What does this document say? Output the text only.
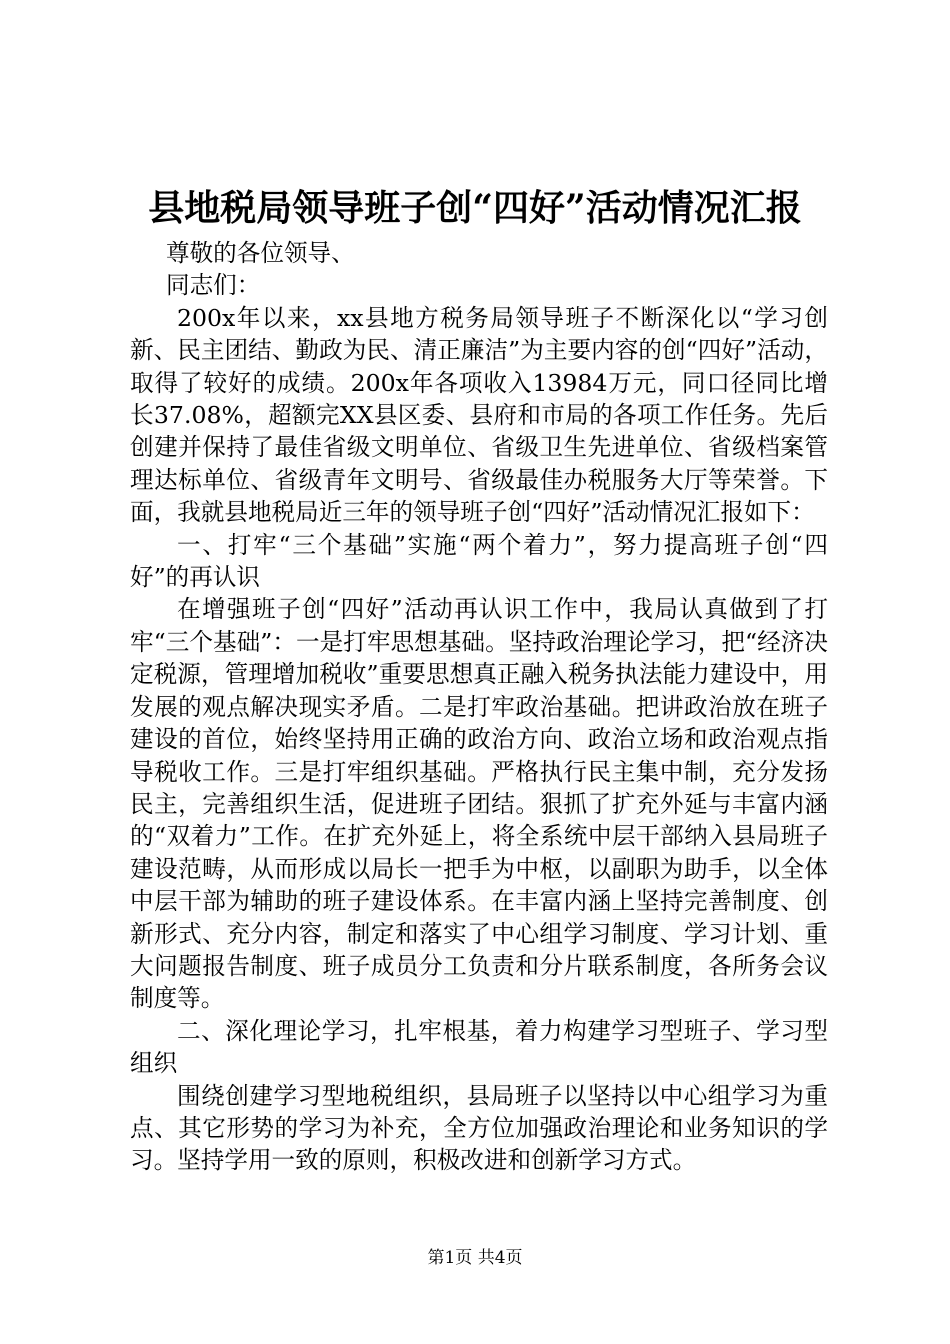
县地税局领导班子创“四好”活动情况汇报

尊敬的各位领导、

同志们：

200x年以来，xx县地方税务局领导班子不断深化以“学习创新、民主团结、勤政为民、清正廉洁”为主要内容的创“四好”活动，取得了较好的成绩。200x年各项收入13984万元，同口径同比增长37.08%，超额完XX县区委、县府和市局的各项工作任务。先后创建并保持了最佳省级文明单位、省级卫生先进单位、省级档案管理达标单位、省级青年文明号、省级最佳办税服务大厅等荣誉。下面，我就县地税局近三年的领导班子创“四好”活动情况汇报如下：

一、打牢“三个基础”实施“两个着力”，努力提高班子创“四好”的再认识

在增强班子创“四好”活动再认识工作中，我局认真做到了打牢“三个基础”：一是打牢思想基础。坚持政治理论学习，把“经济决定税源，管理增加税收”重要思想真正融入税务执法能力建设中，用发展的观点解决现实矛盾。二是打牢政治基础。把讲政治放在班子建设的首位，始终坚持用正确的政治方向、政治立场和政治观点指导税收工作。三是打牢组织基础。严格执行民主集中制，充分发扬民主，完善组织生活，促进班子团结。狠抓了扩充外延与丰富内涵的“双着力”工作。在扩充外延上，将全系统中层干部纳入县局班子建设范畴，从而形成以局长一把手为中枢，以副职为助手，以全体中层干部为辅助的班子建设体系。在丰富内涵上坚持完善制度、创新形式、充分内容，制定和落实了中心组学习制度、学习计划、重大问题报告制度、班子成员分工负责和分片联系制度，各所务会议制度等。

二、深化理论学习，扎牢根基，着力构建学习型班子、学习型组织

围绕创建学习型地税组织，县局班子以坚持以中心组学习为重点、其它形势的学习为补充，全方位加强政治理论和业务知识的学习。坚持学用一致的原则，积极改进和创新学习方式。

第1页 共4页
